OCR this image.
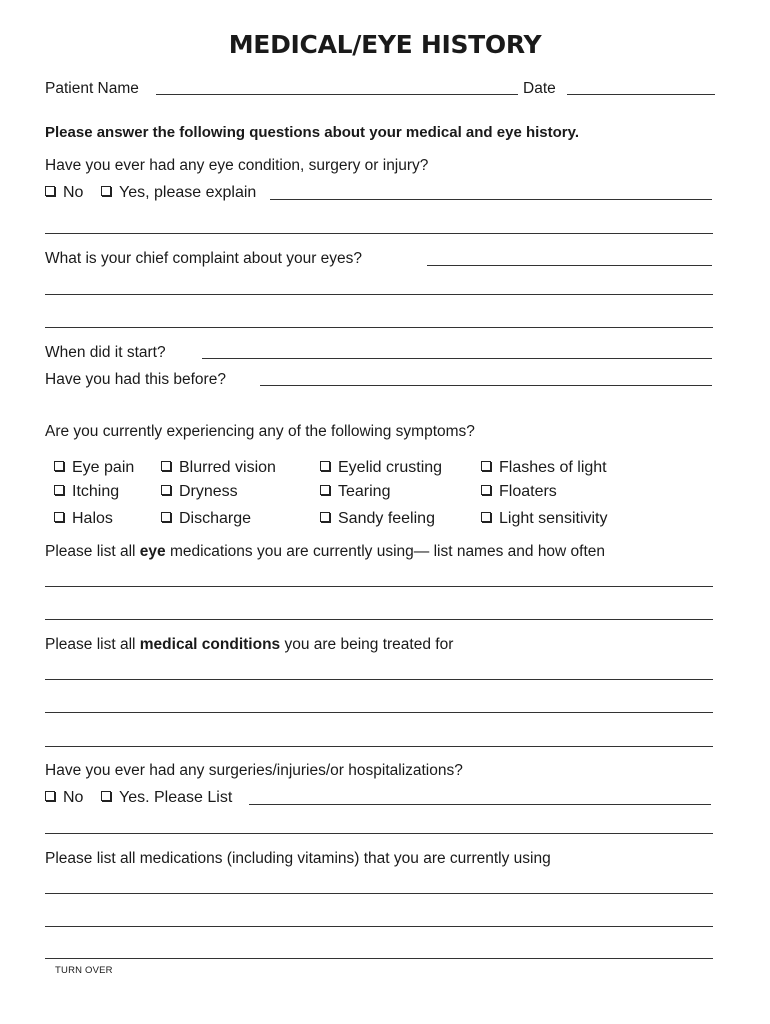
MEDICAL/EYE HISTORY
Patient Name	Date
Please answer the following questions about your medical and eye history.
Have you ever had any eye condition, surgery or injury?
No	Yes, please explain
What is your chief complaint about your eyes?
When did it start?
Have you had this before?
Are you currently experiencing any of the following symptoms?
Eye pain	Blurred vision	Eyelid crusting	Flashes of light
Itching	Dryness	Tearing	Floaters
Halos	Discharge	Sandy feeling	Light sensitivity
Please list all eye medications you are currently using— list names and how often
Please list all medical conditions you are being treated for
Have you ever had any surgeries/injuries/or hospitalizations?
No	Yes. Please List
Please list all medications (including vitamins) that you are currently using
TURN OVER
